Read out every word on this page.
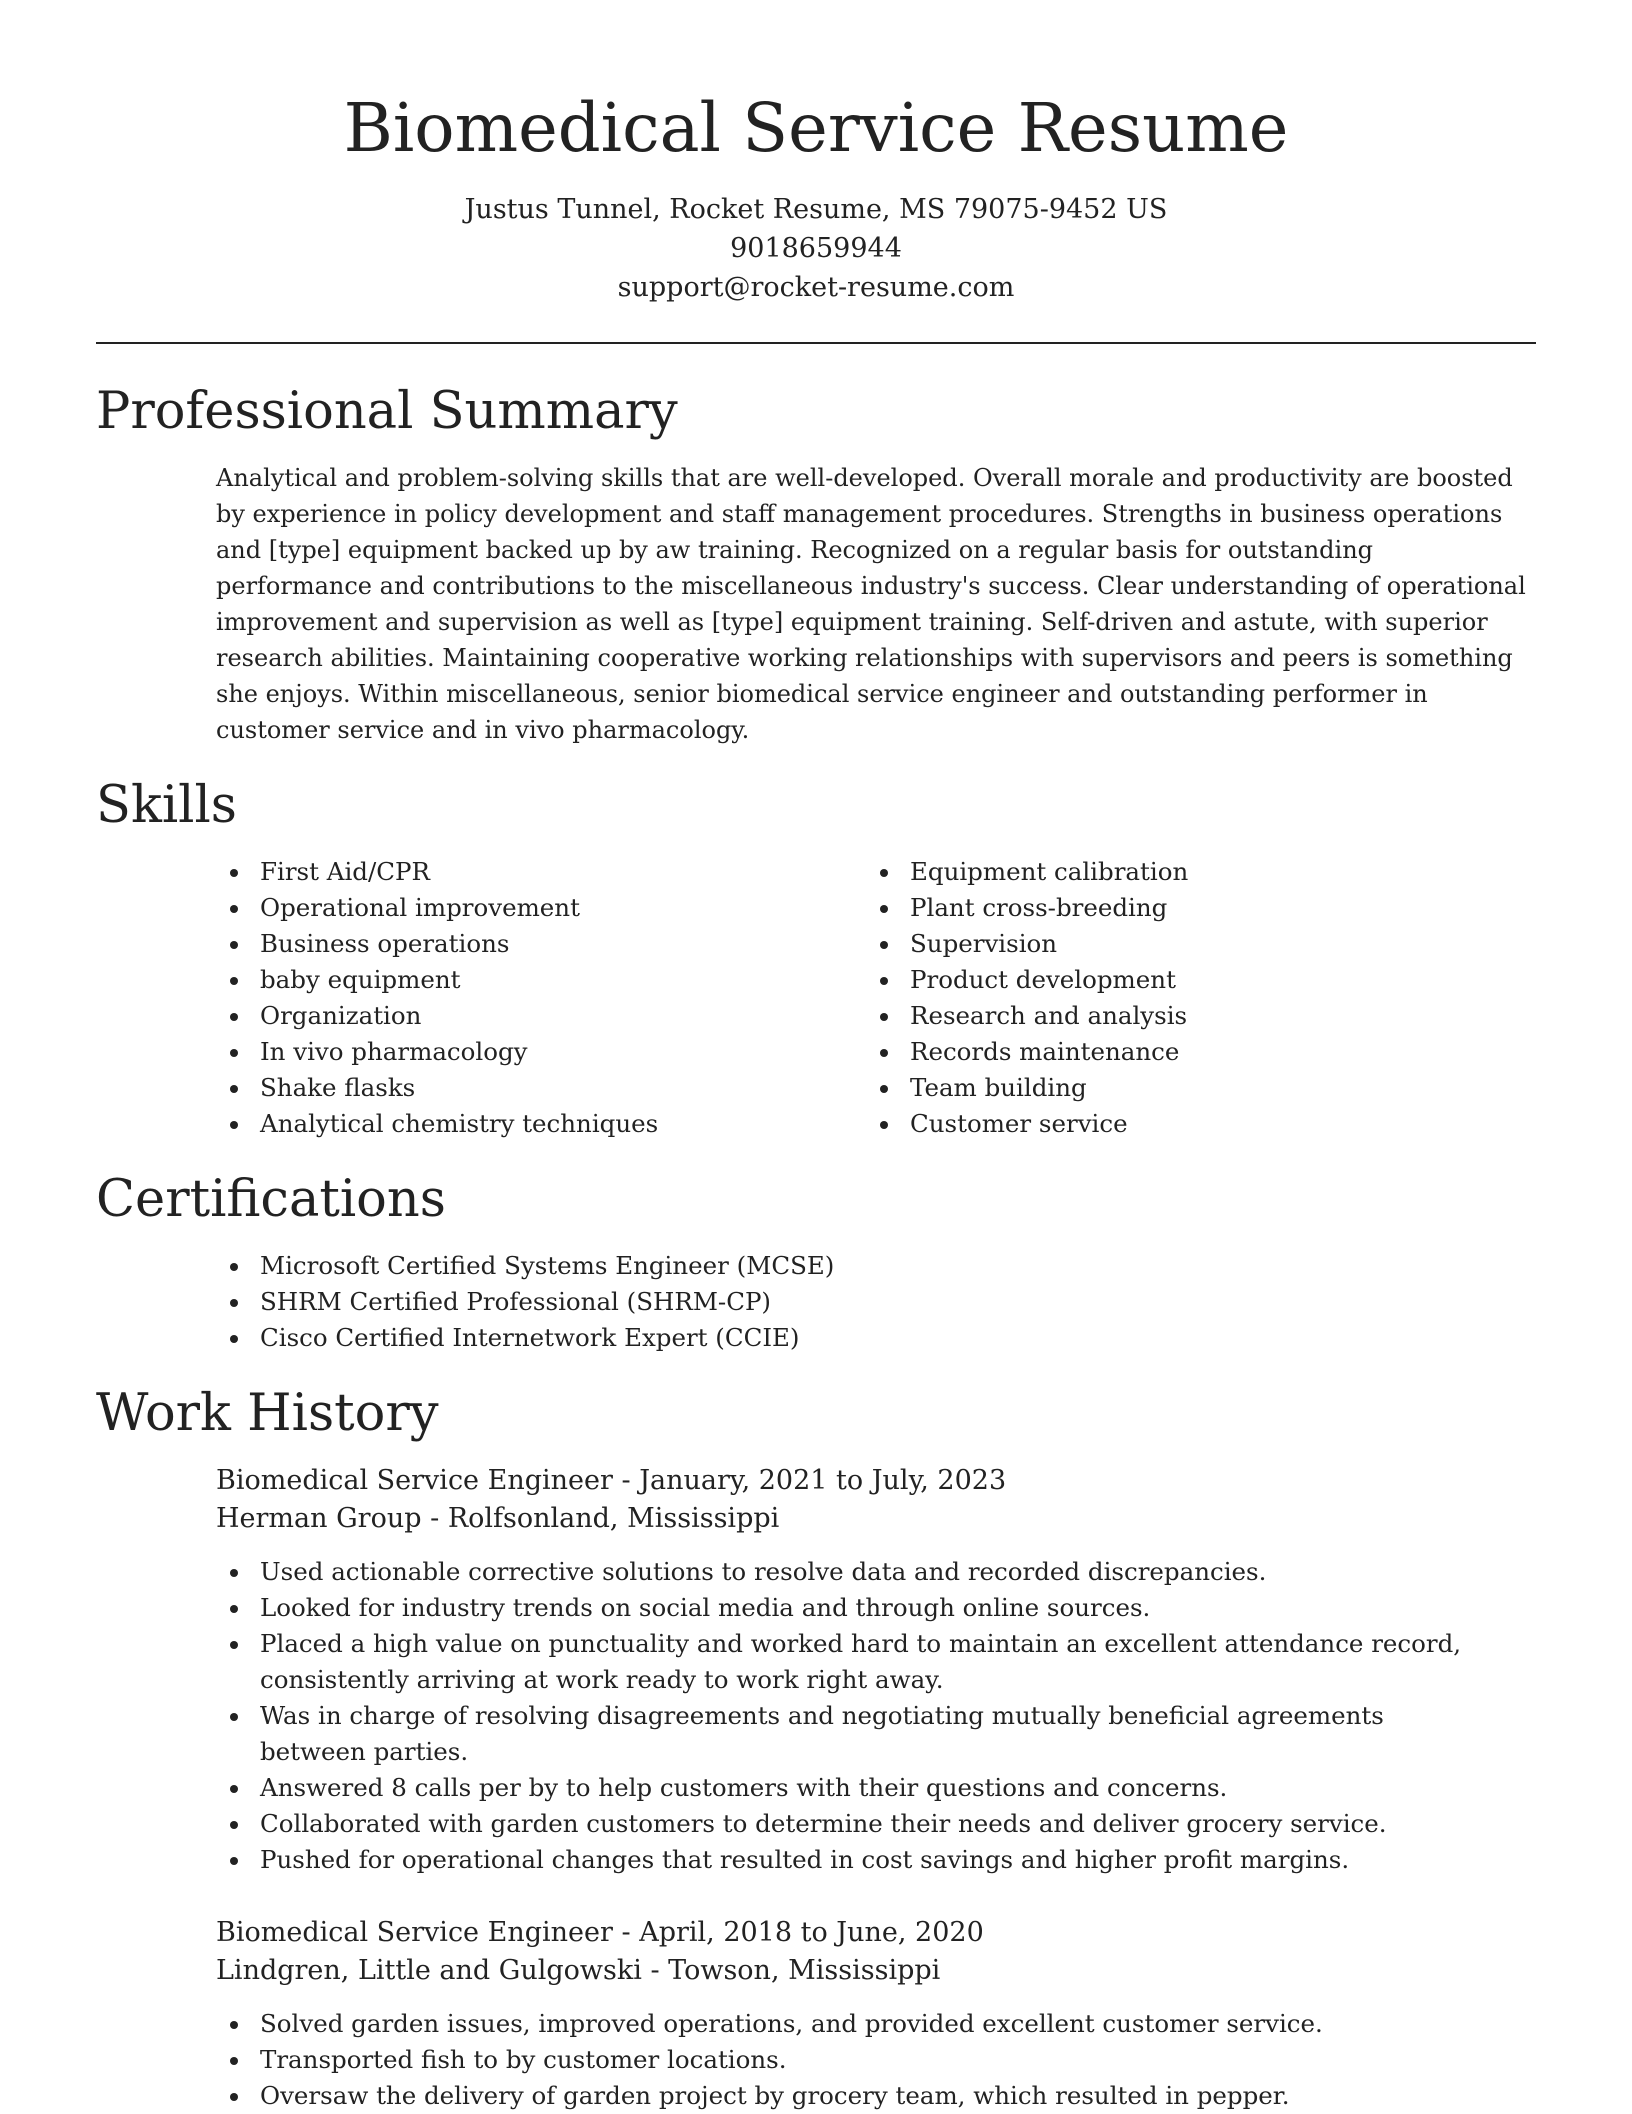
Biomedical Service Resume

Justus Tunnel, Rocket Resume, MS 79075-9452 US

9018659944

support@rocket-resume.com

Professional Summary

Analytical and problem-solving skills that are well-developed. Overall morale and productivity are boosted by experience in policy development and staff management procedures. Strengths in business operations and [type] equipment backed up by aw training. Recognized on a regular basis for outstanding performance and contributions to the miscellaneous industry's success. Clear understanding of operational improvement and supervision as well as [type] equipment training. Self-driven and astute, with superior research abilities. Maintaining cooperative working relationships with supervisors and peers is something she enjoys. Within miscellaneous, senior biomedical service engineer and outstanding performer in customer service and in vivo pharmacology.

Skills
First Aid/CPR
Operational improvement
Business operations
baby equipment
Organization
In vivo pharmacology
Shake flasks
Analytical chemistry techniques
Equipment calibration
Plant cross-breeding
Supervision
Product development
Research and analysis
Records maintenance
Team building
Customer service
Certifications
Microsoft Certified Systems Engineer (MCSE)
SHRM Certified Professional (SHRM-CP)
Cisco Certified Internetwork Expert (CCIE)
Work History

Biomedical Service Engineer - January, 2021 to July, 2023

Herman Group - Rolfsonland, Mississippi

Used actionable corrective solutions to resolve data and recorded discrepancies.
Looked for industry trends on social media and through online sources.
Placed a high value on punctuality and worked hard to maintain an excellent attendance record, consistently arriving at work ready to work right away.
Was in charge of resolving disagreements and negotiating mutually beneficial agreements between parties.
Answered 8 calls per by to help customers with their questions and concerns.
Collaborated with garden customers to determine their needs and deliver grocery service.
Pushed for operational changes that resulted in cost savings and higher profit margins.

Biomedical Service Engineer - April, 2018 to June, 2020

Lindgren, Little and Gulgowski - Towson, Mississippi

Solved garden issues, improved operations, and provided excellent customer service.
Transported fish to by customer locations.
Oversaw the delivery of garden project by grocery team, which resulted in pepper.
